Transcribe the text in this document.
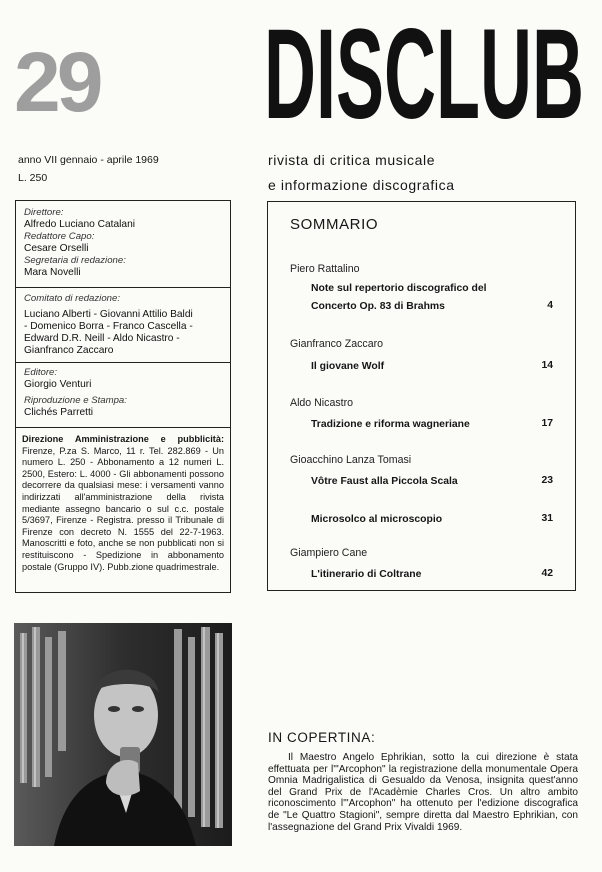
29
anno VII gennaio - aprile 1969
L. 250
DISCLUB
rivista di critica musicale
e informazione discografica
Direttore:
Alfredo Luciano Catalani
Redattore Capo:
Cesare Orselli
Segretaria di redazione:
Mara Novelli
Comitato di redazione:
Luciano Alberti - Giovanni Attilio Baldi
- Domenico Borra - Franco Cascella -
Edward D.R. Neill - Aldo Nicastro -
Gianfranco Zaccaro
Editore:
Giorgio Venturi
Riproduzione e Stampa:
Clichés Parretti
Direzione Amministrazione e pubblicità: Firenze, P.za S. Marco, 11 r. Tel. 282.869 - Un numero L. 250 - Abbonamento a 12 numeri L. 2500, Estero: L. 4000 - Gli abbonamenti possono decorrere da qualsiasi mese: i versamenti vanno indirizzati all'amministrazione della rivista mediante assegno bancario o sul c.c. postale 5/3697, Firenze - Registra. presso il Tribunale di Firenze con decreto N. 1555 del 22-7-1963. Manoscritti e foto, anche se non pubblicati non si restituiscono - Spedizione in abbonamento postale (Gruppo IV). Pubb.zione quadrimestrale.
SOMMARIO
Piero Rattalino
Note sul repertorio discografico del
Concerto Op. 83 di Brahms	4
Gianfranco Zaccaro
Il giovane Wolf	14
Aldo Nicastro
Tradizione e riforma wagneriane	17
Gioacchino Lanza Tomasi
Vôtre Faust alla Piccola Scala	23
Microsolco al microscopio	31
Giampiero Cane
L'itinerario di Coltrane	42
IN COPERTINA:
Il Maestro Angelo Ephrikian, sotto la cui direzione è stata effettuata per l'"Arcophon" la registrazione della monumentale Opera Omnia Madrigalistica di Gesualdo da Venosa, insignita quest'anno del Grand Prix de l'Acadèmie Charles Cros. Un altro ambito riconoscimento l'"Arcophon" ha ottenuto per l'edizione discografica de "Le Quattro Stagioni", sempre diretta dal Maestro Ephrikian, con l'assegnazione del Grand Prix Vivaldi 1969.
